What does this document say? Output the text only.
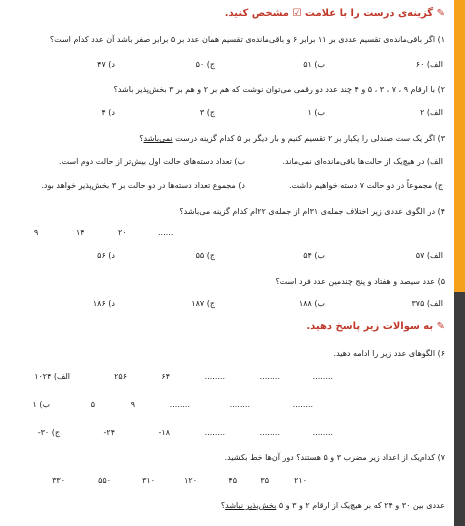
✎ گزینه‌ی درست را با علامت ☑ مشخص کنید.
۱) اگر باقی‌مانده‌ی تقسیم عددی بر ۱۱ برابر ۶ و باقی‌مانده‌ی تقسیم همان عدد بر ۵ برابر صفر باشد آن عدد کدام است؟
الف) ۶۰
ب) ۵۱
ج) ۵۰
د) ۴۷
۲) با ارقام ۹ ، ۷ ، ۳ ، ۵ و ۴ چند عدد دو رقمی می‌توان نوشت که هم بر ۲ و هم بر ۳ بخش‌پذیر باشد؟
الف) ۲
ب) ۱
ج) ۳
د) ۴
۳) اگر یک ست صندلی را یکبار بر ۲ تقسیم کنیم و بار دیگر بر ۵ کدام گزینه درست نمی‌باشد؟
الف) در هیچ‌یک از حالت‌ها باقی‌مانده‌ای نمی‌ماند.
ب) تعداد دسته‌های حالت اول بیش‌تر از حالت دوم است.
ج) مجموعاً در دو حالت ۷ دسته خواهیم داشت.
د) مجموع تعداد دسته‌ها در دو حالت بر ۳ بخش‌پذیر خواهد بود.
۴) در الگوی عددی زیر اختلاف جمله‌ی ۳۱ام از جمله‌ی ۲۲ام کدام گزینه می‌باشد؟
۹	۱۴	۲۰	......
الف) ۵۷
ب) ۵۴
ج) ۵۵
د) ۵۶
۵) عدد سیصد و هفتاد و پنج چندمین عدد فرد است؟
الف) ۳۷۵
ب) ۱۸۸
ج) ۱۸۷
د) ۱۸۶
✎ به سوالات زیر پاسخ دهید.
۶) الگوهای عدد زیر را ادامه دهید.
الف) ۱۰۲۴	۲۵۶	۶۴	........	........	........
ب) ۱	۵	۹	........	........	........
ج) ۳۰-	۲۴-	۱۸-	........	........	........
۷) کدام‌یک از اعداد زیر مضرب ۳ و ۵ هستند؟ دور آن‌ها خط بکشید.
۲۱۰
۳۵
۴۵
۱۲۰
۳۱۰
۵۵۰
۳۳۰
عددی بین ۳۰ و ۲۴ که بر هیچ‌یک از ارقام ۲ و ۳ و ۵ بخش‌پذیر نباشد؟
